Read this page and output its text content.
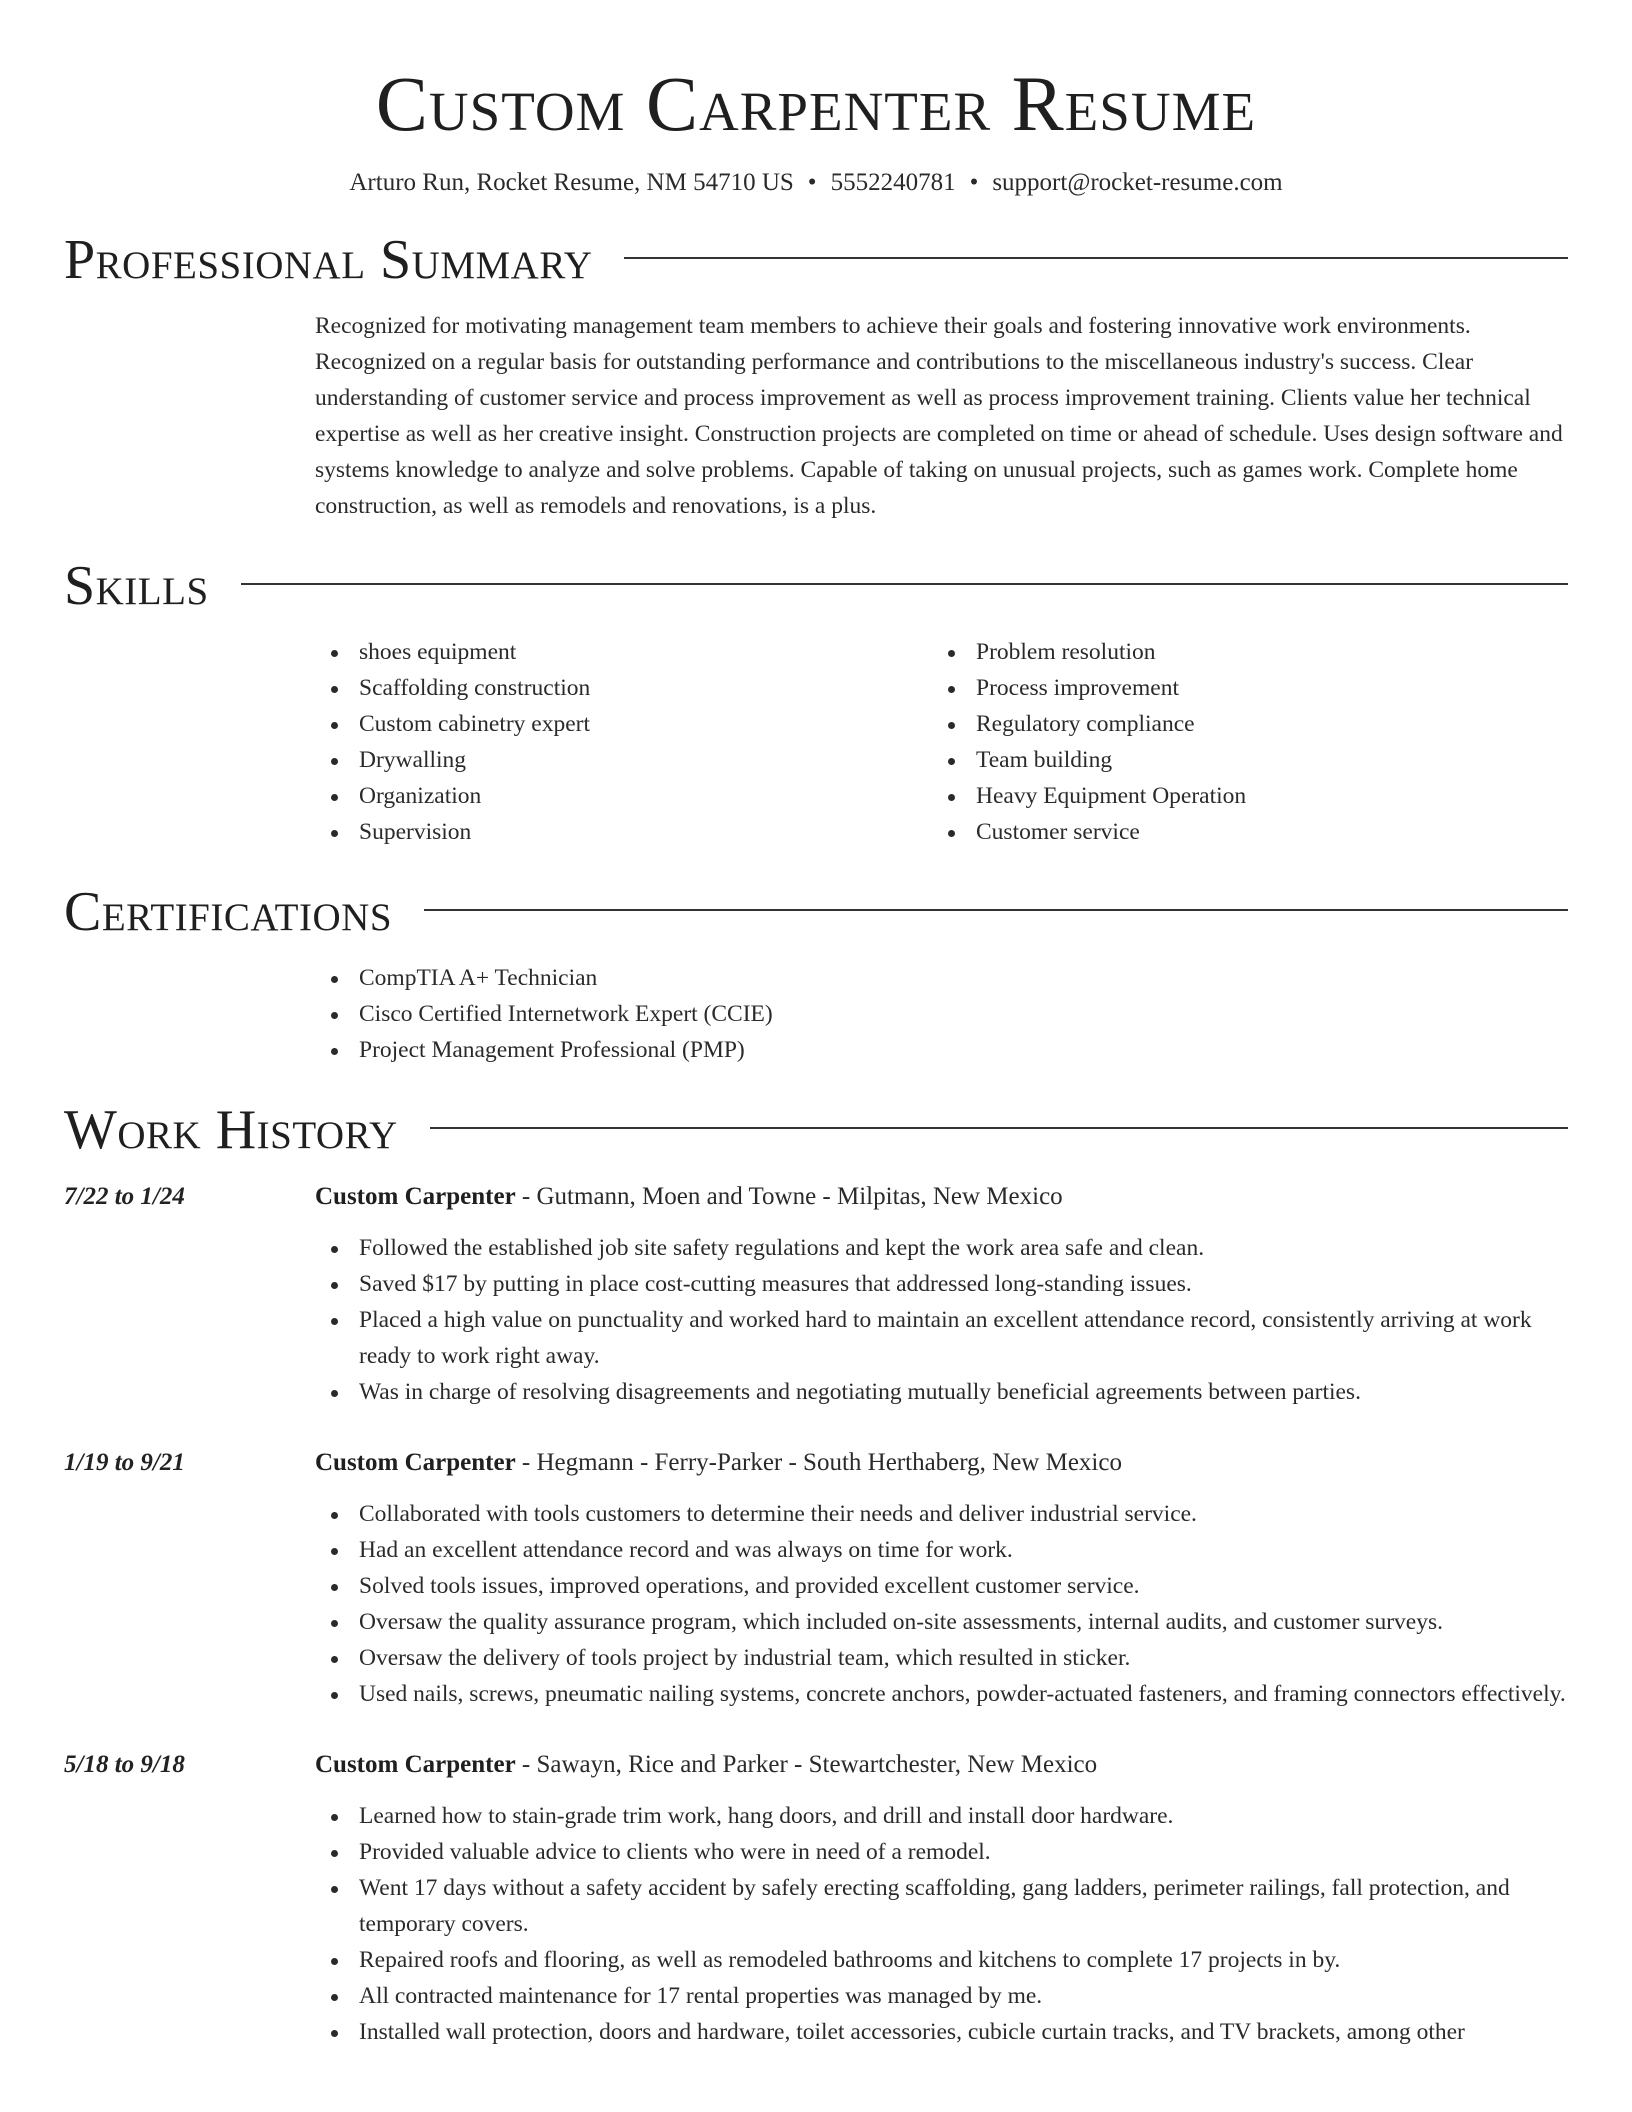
Custom Carpenter Resume
Arturo Run, Rocket Resume, NM 54710 US • 5552240781 • support@rocket-resume.com
Professional Summary
Recognized for motivating management team members to achieve their goals and fostering innovative work environments. Recognized on a regular basis for outstanding performance and contributions to the miscellaneous industry's success. Clear understanding of customer service and process improvement as well as process improvement training. Clients value her technical expertise as well as her creative insight. Construction projects are completed on time or ahead of schedule. Uses design software and systems knowledge to analyze and solve problems. Capable of taking on unusual projects, such as games work. Complete home construction, as well as remodels and renovations, is a plus.
Skills
shoes equipment
Scaffolding construction
Custom cabinetry expert
Drywalling
Organization
Supervision
Problem resolution
Process improvement
Regulatory compliance
Team building
Heavy Equipment Operation
Customer service
Certifications
CompTIA A+ Technician
Cisco Certified Internetwork Expert (CCIE)
Project Management Professional (PMP)
Work History
7/22 to 1/24	Custom Carpenter - Gutmann, Moen and Towne - Milpitas, New Mexico
Followed the established job site safety regulations and kept the work area safe and clean.
Saved $17 by putting in place cost-cutting measures that addressed long-standing issues.
Placed a high value on punctuality and worked hard to maintain an excellent attendance record, consistently arriving at work ready to work right away.
Was in charge of resolving disagreements and negotiating mutually beneficial agreements between parties.
1/19 to 9/21	Custom Carpenter - Hegmann - Ferry-Parker - South Herthaberg, New Mexico
Collaborated with tools customers to determine their needs and deliver industrial service.
Had an excellent attendance record and was always on time for work.
Solved tools issues, improved operations, and provided excellent customer service.
Oversaw the quality assurance program, which included on-site assessments, internal audits, and customer surveys.
Oversaw the delivery of tools project by industrial team, which resulted in sticker.
Used nails, screws, pneumatic nailing systems, concrete anchors, powder-actuated fasteners, and framing connectors effectively.
5/18 to 9/18	Custom Carpenter - Sawayn, Rice and Parker - Stewartchester, New Mexico
Learned how to stain-grade trim work, hang doors, and drill and install door hardware.
Provided valuable advice to clients who were in need of a remodel.
Went 17 days without a safety accident by safely erecting scaffolding, gang ladders, perimeter railings, fall protection, and temporary covers.
Repaired roofs and flooring, as well as remodeled bathrooms and kitchens to complete 17 projects in by.
All contracted maintenance for 17 rental properties was managed by me.
Installed wall protection, doors and hardware, toilet accessories, cubicle curtain tracks, and TV brackets, among other
